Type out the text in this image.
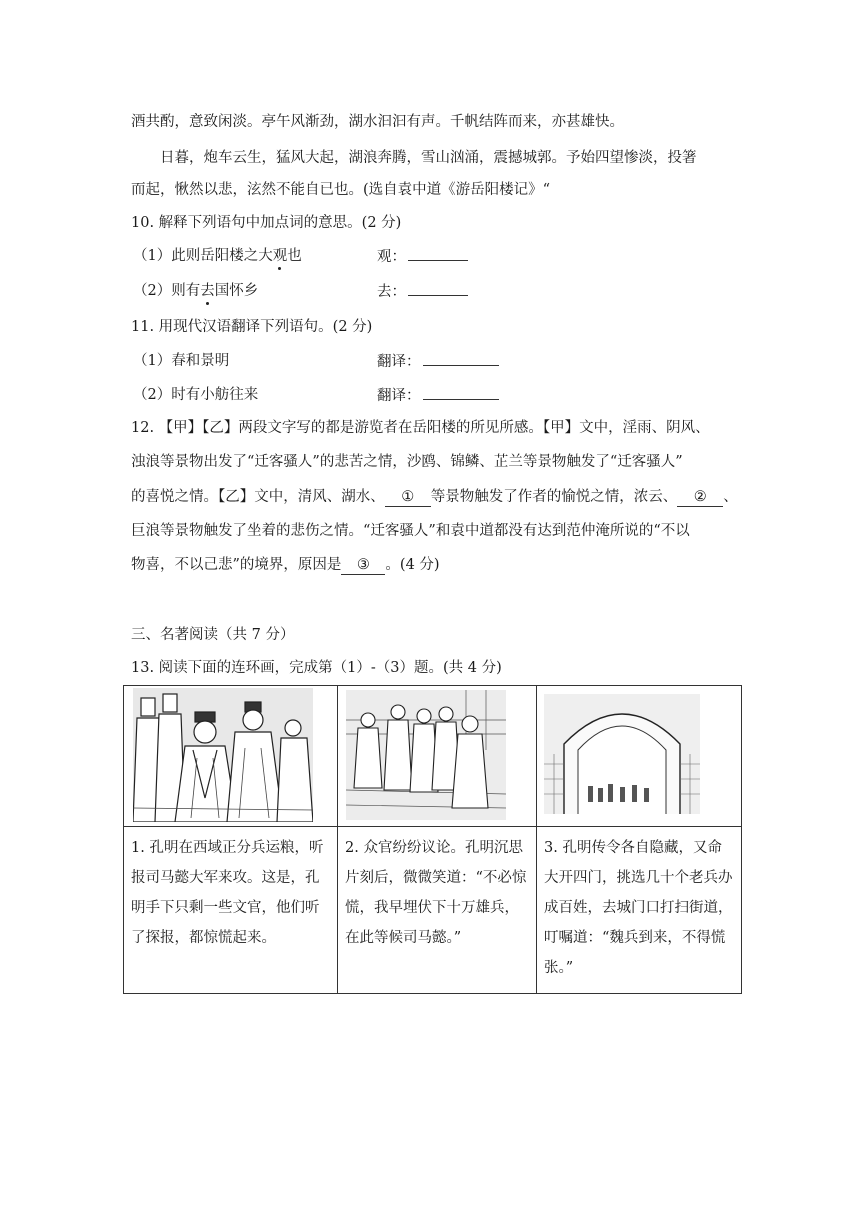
酒共酌，意致闲淡。亭午风渐劲，湖水汩汩有声。千帆结阵而来，亦甚雄快。
日暮，炮车云生，猛风大起，湖浪奔腾，雪山汹涌，震撼城郭。予始四望惨淡，投箸
而起，愀然以悲，泫然不能自已也。(选自袁中道《游岳阳楼记》“
10. 解释下列语句中加点词的意思。(2 分)
（1）此则岳阳楼之大观也	观：
（2）则有去国怀乡	去：
11. 用现代汉语翻译下列语句。(2 分)
（1）春和景明	翻译：
（2）时有小舫往来	翻译：
12. 【甲】【乙】两段文字写的都是游览者在岳阳楼的所见所感。【甲】文中，淫雨、阴风、
浊浪等景物出发了“迁客骚人”的悲苦之情，沙鸥、锦鳞、芷兰等景物触发了“迁客骚人”
的喜悦之情。【乙】文中，清风、湖水、 ① 等景物触发了作者的愉悦之情，浓云、 ② 、
巨浪等景物触发了坐着的悲伤之情。“迁客骚人”和袁中道都没有达到范仲淹所说的“不以
物喜，不以己悲”的境界，原因是 ③ 。(4 分)
三、名著阅读（共 7 分）
13. 阅读下面的连环画，完成第（1）-（3）题。(共 4 分)

1. 孔明在西域正分兵运粮，听报司马懿大军来攻。这是，孔明手下只剩一些文官，他们听了探报，都惊慌起来。	2. 众官纷纷议论。孔明沉思片刻后，微微笑道：“不必惊慌，我早埋伏下十万雄兵，在此等候司马懿。”	3. 孔明传令各自隐藏，又命大开四门，挑选几十个老兵办成百姓，去城门口打扫街道，叮嘱道：“魏兵到来，不得慌张。”
